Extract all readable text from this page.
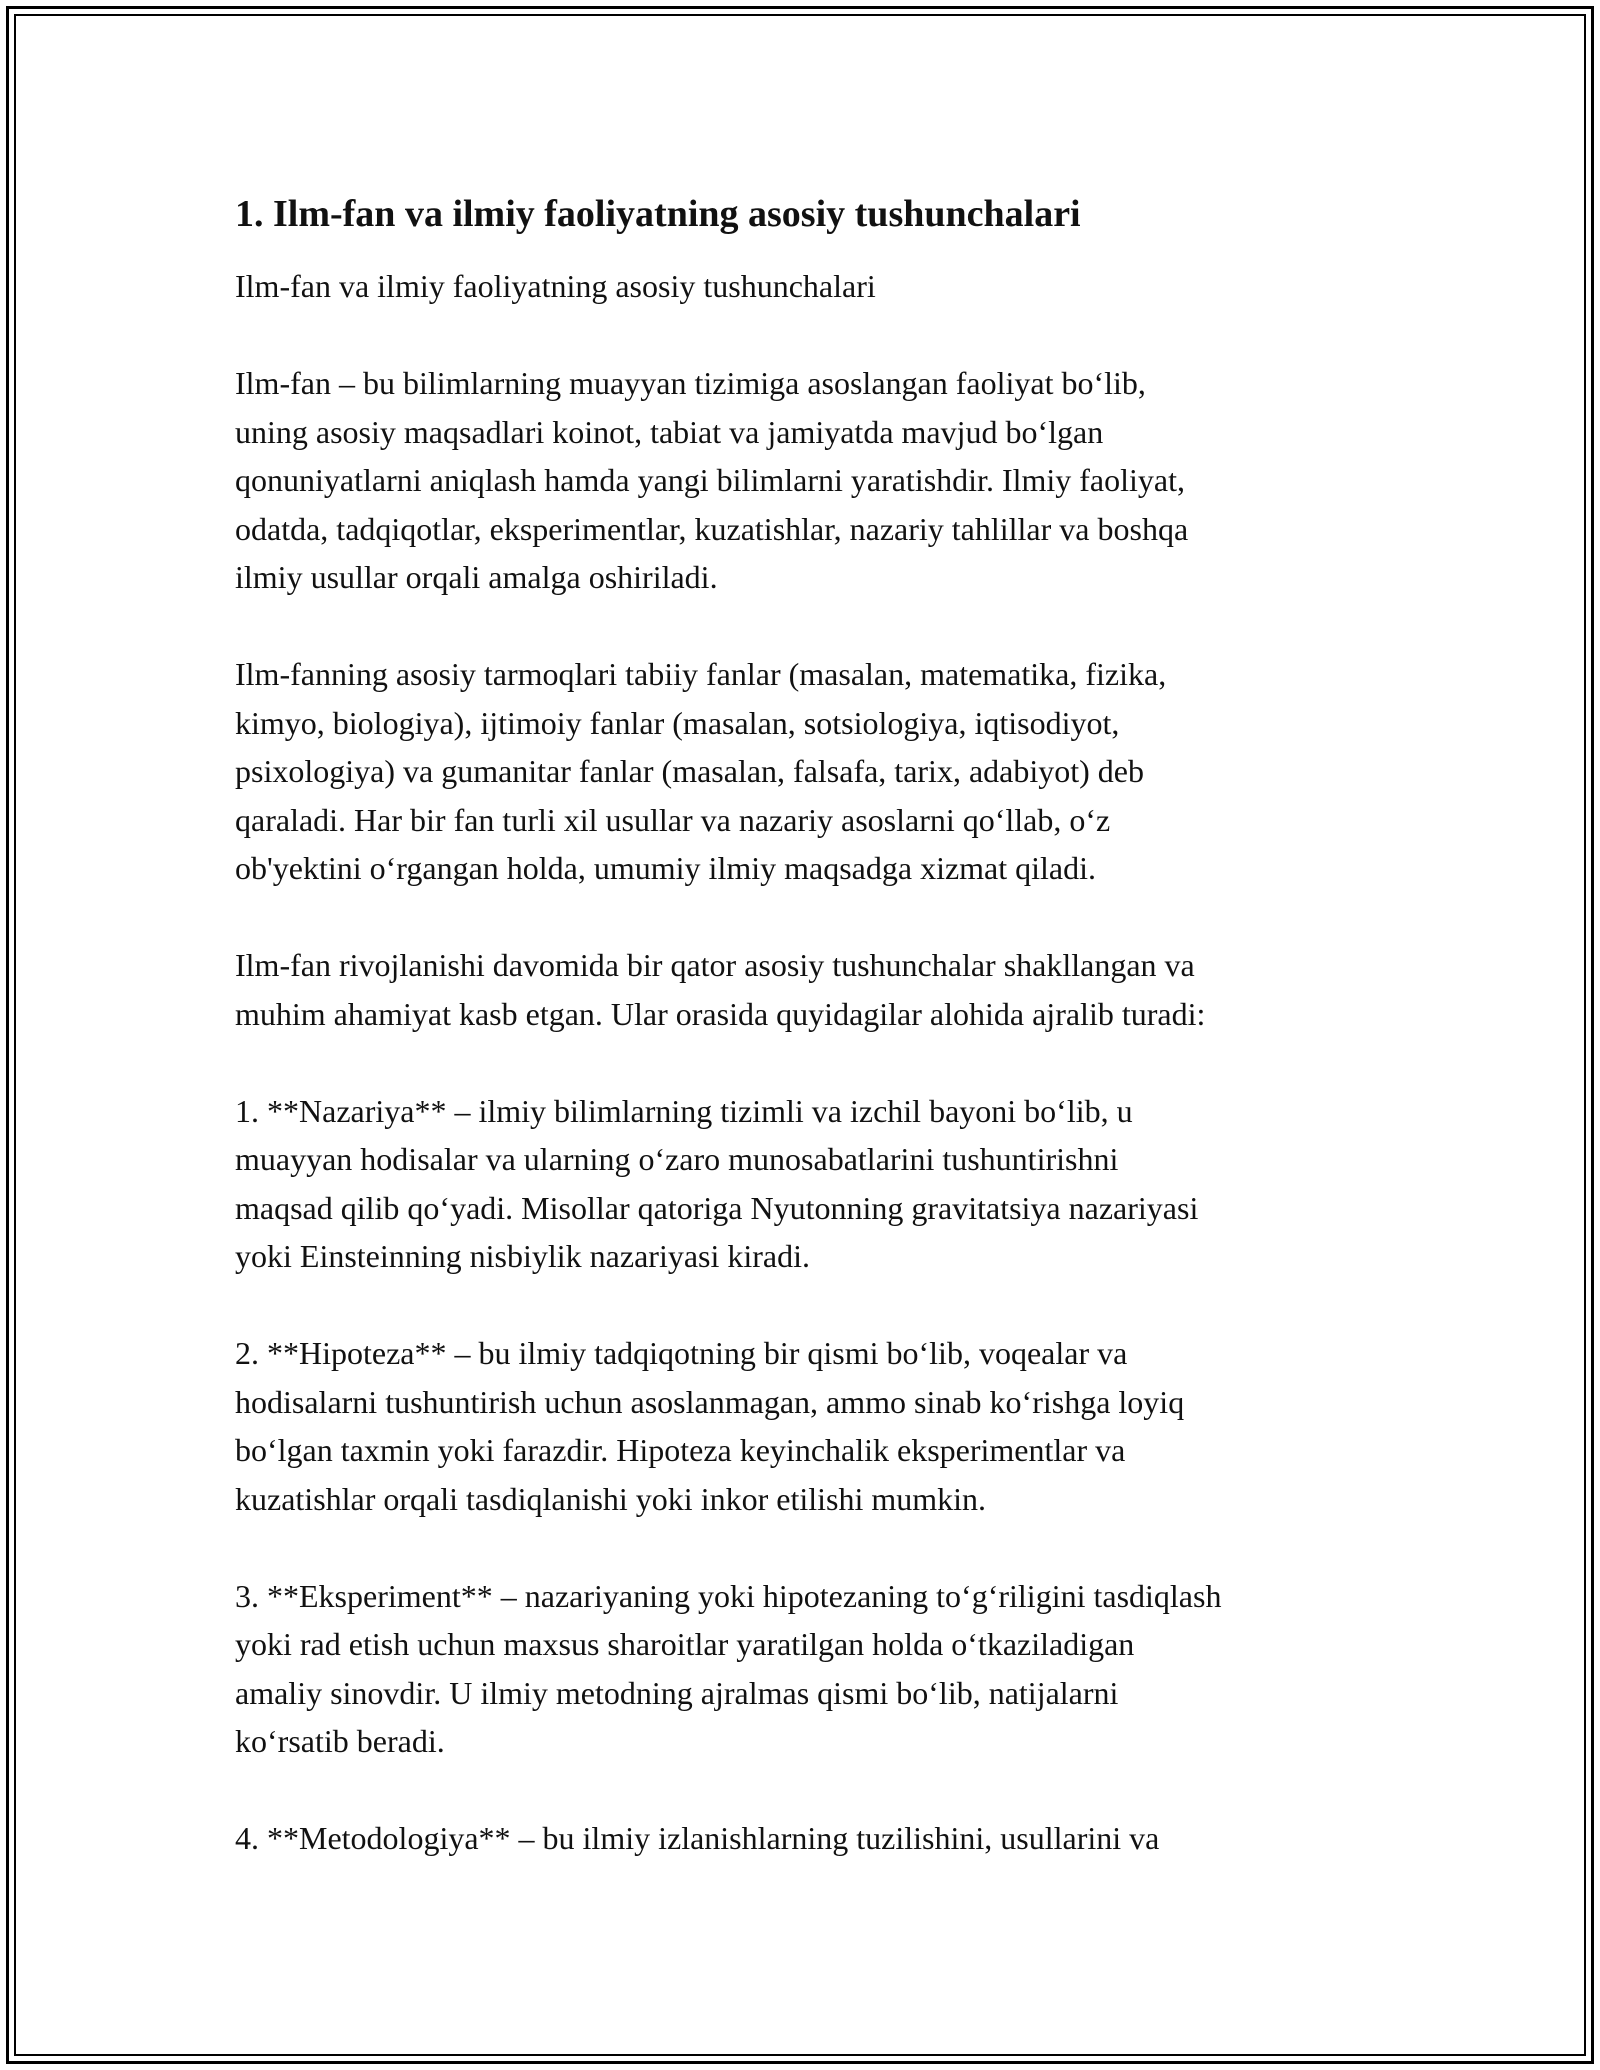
1. Ilm-fan va ilmiy faoliyatning asosiy tushunchalari

Ilm-fan va ilmiy faoliyatning asosiy tushunchalari

Ilm-fan – bu bilimlarning muayyan tizimiga asoslangan faoliyat bo‘lib,
uning asosiy maqsadlari koinot, tabiat va jamiyatda mavjud bo‘lgan
qonuniyatlarni aniqlash hamda yangi bilimlarni yaratishdir. Ilmiy faoliyat,
odatda, tadqiqotlar, eksperimentlar, kuzatishlar, nazariy tahlillar va boshqa
ilmiy usullar orqali amalga oshiriladi.

Ilm-fanning asosiy tarmoqlari tabiiy fanlar (masalan, matematika, fizika,
kimyo, biologiya), ijtimoiy fanlar (masalan, sotsiologiya, iqtisodiyot,
psixologiya) va gumanitar fanlar (masalan, falsafa, tarix, adabiyot) deb
qaraladi. Har bir fan turli xil usullar va nazariy asoslarni qo‘llab, o‘z
ob'yektini o‘rgangan holda, umumiy ilmiy maqsadga xizmat qiladi.

Ilm-fan rivojlanishi davomida bir qator asosiy tushunchalar shakllangan va
muhim ahamiyat kasb etgan. Ular orasida quyidagilar alohida ajralib turadi:

1. **Nazariya** – ilmiy bilimlarning tizimli va izchil bayoni bo‘lib, u
muayyan hodisalar va ularning o‘zaro munosabatlarini tushuntirishni
maqsad qilib qo‘yadi. Misollar qatoriga Nyutonning gravitatsiya nazariyasi
yoki Einsteinning nisbiylik nazariyasi kiradi.

2. **Hipoteza** – bu ilmiy tadqiqotning bir qismi bo‘lib, voqealar va
hodisalarni tushuntirish uchun asoslanmagan, ammo sinab ko‘rishga loyiq
bo‘lgan taxmin yoki farazdir. Hipoteza keyinchalik eksperimentlar va
kuzatishlar orqali tasdiqlanishi yoki inkor etilishi mumkin.

3. **Eksperiment** – nazariyaning yoki hipotezaning to‘g‘riligini tasdiqlash
yoki rad etish uchun maxsus sharoitlar yaratilgan holda o‘tkaziladigan
amaliy sinovdir. U ilmiy metodning ajralmas qismi bo‘lib, natijalarni
ko‘rsatib beradi.

4. **Metodologiya** – bu ilmiy izlanishlarning tuzilishini, usullarini va
